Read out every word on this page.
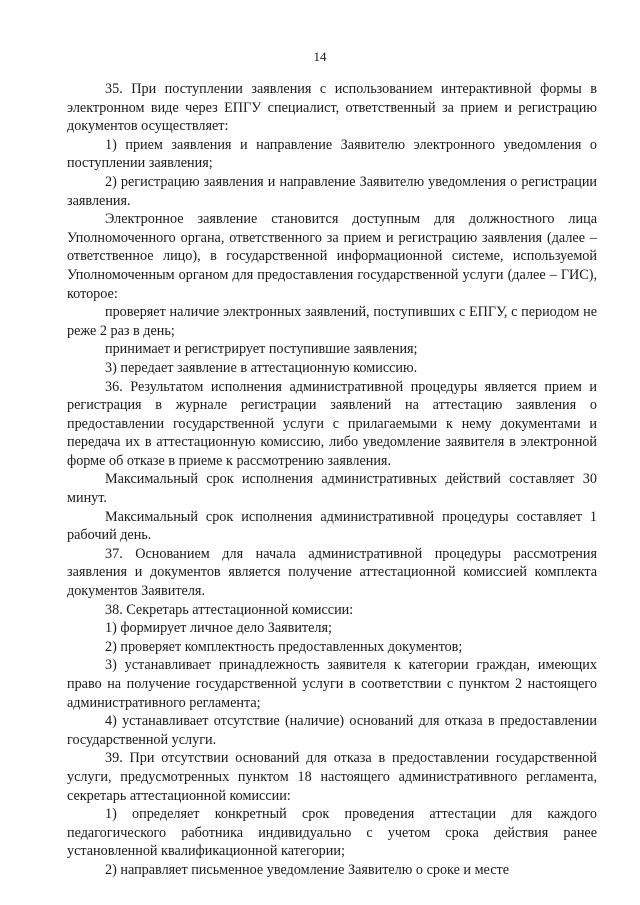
14

35. При поступлении заявления с использованием интерактивной формы в электронном виде через ЕПГУ специалист, ответственный за прием и регистрацию документов осуществляет:

1) прием заявления и направление Заявителю электронного уведомления о поступлении заявления;

2) регистрацию заявления и направление Заявителю уведомления о регистрации заявления.

Электронное заявление становится доступным для должностного лица Уполномоченного органа, ответственного за прием и регистрацию заявления (далее – ответственное лицо), в государственной информационной системе, используемой Уполномоченным органом для предоставления государственной услуги (далее – ГИС), которое:

проверяет наличие электронных заявлений, поступивших с ЕПГУ, с периодом не реже 2 раз в день;

принимает и регистрирует поступившие заявления;

3) передает заявление в аттестационную комиссию.

36. Результатом исполнения административной процедуры является прием и регистрация в журнале регистрации заявлений на аттестацию заявления о предоставлении государственной услуги с прилагаемыми к нему документами и передача их в аттестационную комиссию, либо уведомление заявителя в электронной форме об отказе в приеме к рассмотрению заявления.

Максимальный срок исполнения административных действий составляет 30 минут.

Максимальный срок исполнения административной процедуры составляет 1 рабочий день.

37. Основанием для начала административной процедуры рассмотрения заявления и документов является получение аттестационной комиссией комплекта документов Заявителя.

38. Секретарь аттестационной комиссии:

1) формирует личное дело Заявителя;

2) проверяет комплектность предоставленных документов;

3) устанавливает принадлежность заявителя к категории граждан, имеющих право на получение государственной услуги в соответствии с пунктом 2 настоящего административного регламента;

4) устанавливает отсутствие (наличие) оснований для отказа в предоставлении государственной услуги.

39. При отсутствии оснований для отказа в предоставлении государственной услуги, предусмотренных пунктом 18 настоящего административного регламента, секретарь аттестационной комиссии:

1) определяет конкретный срок проведения аттестации для каждого педагогического работника индивидуально с учетом срока действия ранее установленной квалификационной категории;

2) направляет письменное уведомление Заявителю о сроке и месте
